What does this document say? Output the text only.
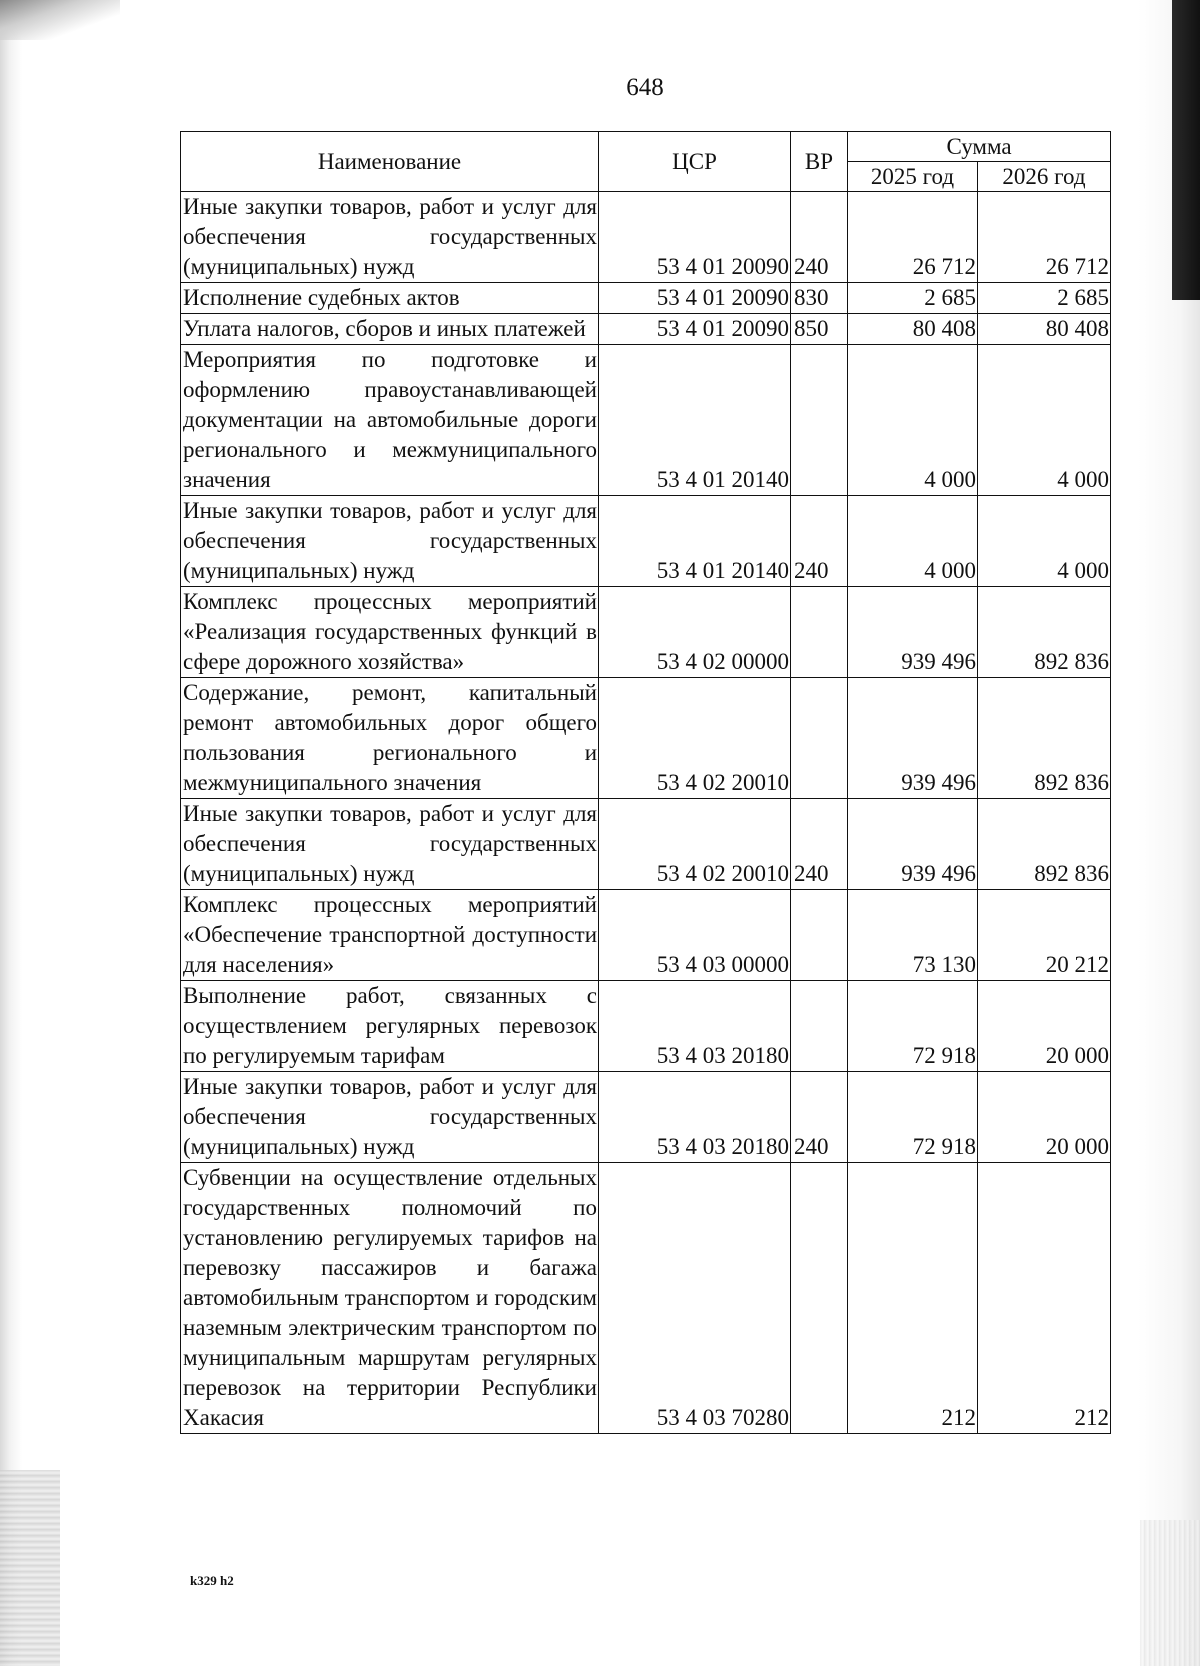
648
Наименование	ЦСР	ВР	Сумма	
			2025 год	2026 год
Иные закупки товаров, работ и услуг для обеспечения государственных (муниципальных) нужд	53 4 01 20090	240	26 712	26 712
Исполнение судебных актов	53 4 01 20090	830	2 685	2 685
Уплата налогов, сборов и иных платежей	53 4 01 20090	850	80 408	80 408
Мероприятия по подготовке и оформлению правоустанавливающей документации на автомобильные дороги регионального и межмуниципального значения	53 4 01 20140		4 000	4 000
Иные закупки товаров, работ и услуг для обеспечения государственных (муниципальных) нужд	53 4 01 20140	240	4 000	4 000
Комплекс процессных мероприятий «Реализация государственных функций в сфере дорожного хозяйства»	53 4 02 00000		939 496	892 836
Содержание, ремонт, капитальный ремонт автомобильных дорог общего пользования регионального и межмуниципального значения	53 4 02 20010		939 496	892 836
Иные закупки товаров, работ и услуг для обеспечения государственных (муниципальных) нужд	53 4 02 20010	240	939 496	892 836
Комплекс процессных мероприятий «Обеспечение транспортной доступности для населения»	53 4 03 00000		73 130	20 212
Выполнение работ, связанных с осуществлением регулярных перевозок по регулируемым тарифам	53 4 03 20180		72 918	20 000
Иные закупки товаров, работ и услуг для обеспечения государственных (муниципальных) нужд	53 4 03 20180	240	72 918	20 000
Субвенции на осуществление отдельных государственных полномочий по установлению регулируемых тарифов на перевозку пассажиров и багажа автомобильным транспортом и городским наземным электрическим транспортом по муниципальным маршрутам регулярных перевозок на территории Республики Хакасия	53 4 03 70280		212	212
k329 h2
